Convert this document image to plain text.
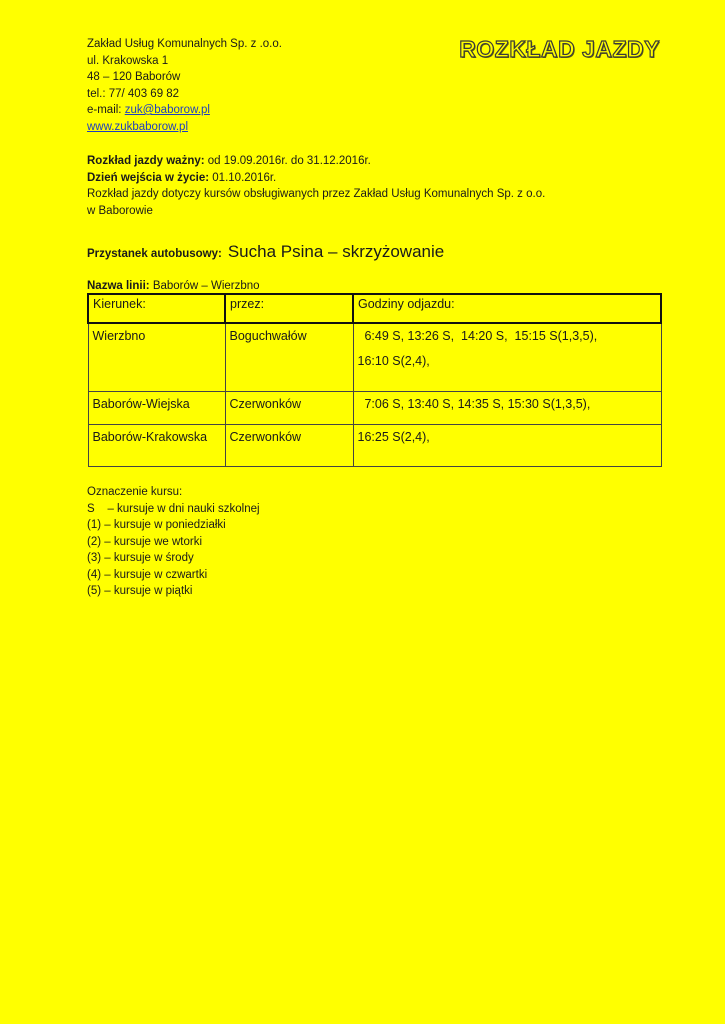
Zakład Usług Komunalnych Sp. z .o.o.
ul. Krakowska 1
48 – 120 Baborów
tel.: 77/ 403 69 82
e-mail: zuk@baborow.pl
www.zukbaborow.pl
ROZKŁAD JAZDY
Rozkład jazdy ważny: od 19.09.2016r. do 31.12.2016r.
Dzień wejścia w życie: 01.10.2016r.
Rozkład jazdy dotyczy kursów obsługiwanych przez Zakład Usług Komunalnych Sp. z o.o.
w Baborowie
Przystanek autobusowy: Sucha Psina – skrzyżowanie
Nazwa linii: Baborów – Wierzbno
Kierunek:	przez:	Godziny odjazdu:
Wierzbno	Boguchwałów	6:49 S, 13:26 S,  14:20 S,  15:15 S(1,3,5),
16:10 S(2,4),

Baborów-Wiejska	Czerwonków	7:06 S, 13:40 S, 14:35 S, 15:30 S(1,3,5),

Baborów-Krakowska	Czerwonków	16:25 S(2,4),
Oznaczenie kursu:
S    – kursuje w dni nauki szkolnej
(1) – kursuje w poniedziałki
(2) – kursuje we wtorki
(3) – kursuje w środy
(4) – kursuje w czwartki
(5) – kursuje w piątki
